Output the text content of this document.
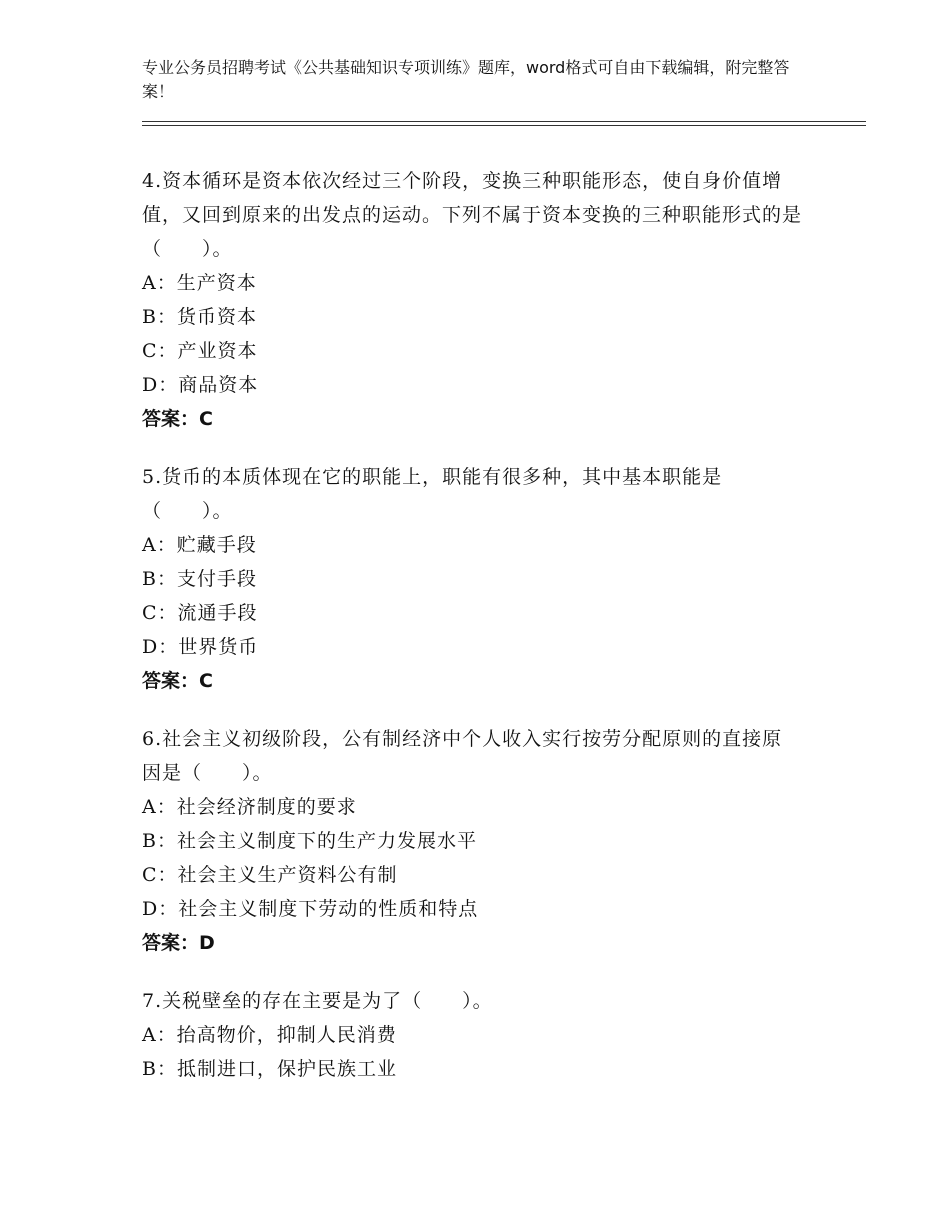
专业公务员招聘考试《公共基础知识专项训练》题库，word格式可自由下载编辑，附完整答案！
4.资本循环是资本依次经过三个阶段，变换三种职能形态，使自身价值增值，又回到原来的出发点的运动。下列不属于资本变换的三种职能形式的是（　　）。
A：生产资本
B：货币资本
C：产业资本
D：商品资本
答案：C
5.货币的本质体现在它的职能上，职能有很多种，其中基本职能是（　　）。
A：贮藏手段
B：支付手段
C：流通手段
D：世界货币
答案：C
6.社会主义初级阶段，公有制经济中个人收入实行按劳分配原则的直接原因是（　　）。
A：社会经济制度的要求
B：社会主义制度下的生产力发展水平
C：社会主义生产资料公有制
D：社会主义制度下劳动的性质和特点
答案：D
7.关税壁垒的存在主要是为了（　　）。
A：抬高物价，抑制人民消费
B：抵制进口，保护民族工业
